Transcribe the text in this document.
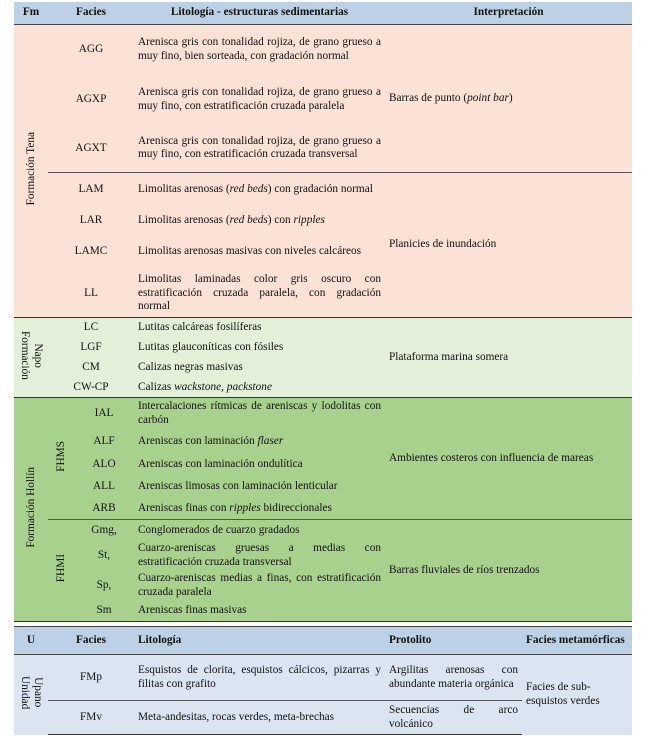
Fm	Facies		Litología - estructuras sedimentarias	Interpretación	
Formación Tena	AGG		Arenisca gris con tonalidad rojiza, de grano grueso a muy fino, bien sorteada, con gradación normal	Barras de punto (point bar)	
	AGXP		Arenisca gris con tonalidad rojiza, de grano grueso a muy fino, con estratificación cruzada paralela		
	AGXT		Arenisca gris con tonalidad rojiza, de grano grueso a muy fino, con estratificación cruzada transversal		
	LAM		Limolitas arenosas (red beds) con gradación normal	Planicies de inundación	
	LAR		Limolitas arenosas (red beds) con ripples		
	LAMC		Limolitas arenosas masivas con niveles calcáreos		
	LL		Limolitas laminadas color gris oscuro con estratificación cruzada paralela, con gradación normal		
Formación
Napo	LC		Lutitas calcáreas fosilíferas	Plataforma marina somera	
	LGF		Lutitas glauconíticas con fósiles		
	CM		Calizas negras masivas		
	CW-CP		Calizas wackstone, packstone		
Formación Hollín	FHMS	IAL	Intercalaciones rítmicas de areniscas y lodolitas con carbón	Ambientes costeros con influencia de mareas	
		ALF	Areniscas con laminación flaser		
		ALO	Areniscas con laminación ondulítica		
		ALL	Areniscas limosas con laminación lenticular		
		ARB	Areniscas finas con ripples bidireccionales		
	FHMI	Gmg,	Conglomerados de cuarzo gradados	Barras fluviales de ríos trenzados	
		St,	Cuarzo-areniscas gruesas a medias con estratificación cruzada transversal		
		Sp,	Cuarzo-areniscas medias a finas, con estratificación cruzada paralela		
		Sm	Areniscas finas masivas		

U	Facies		Litología	Protolito	Facies metamórficas
Unidad
Upano	FMp		Esquistos de clorita, esquistos cálcicos, pizarras y filitas con grafito	Argilitas arenosas con abundante materia orgánica	Facies de sub-esquistos verdes
	FMv		Meta-andesitas, rocas verdes, meta-brechas	Secuencias de arco volcánico	
